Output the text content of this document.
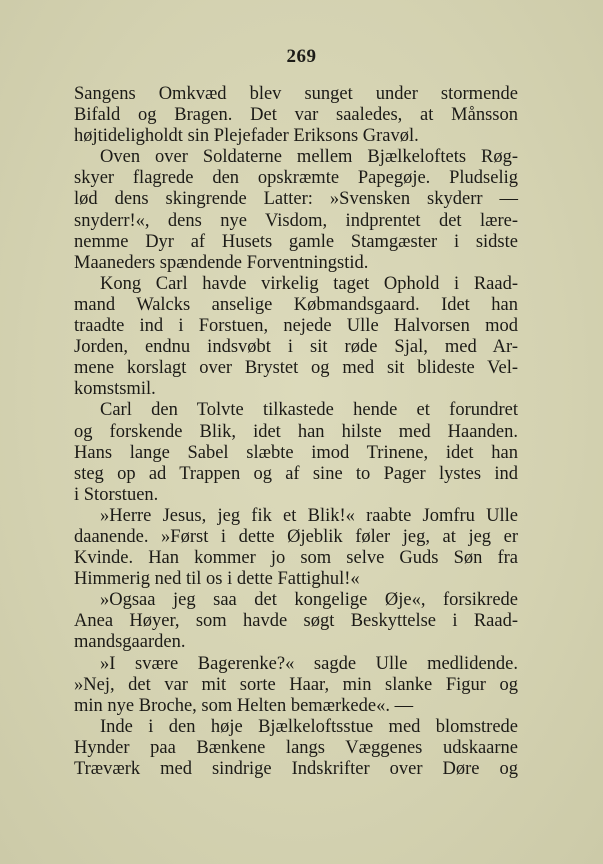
269
Sangens Omkvæd blev sunget under stormende
Bifald og Bragen. Det var saaledes, at Månsson
højtideligholdt sin Plejefader Eriksons Gravøl.
Oven over Soldaterne mellem Bjælkeloftets Røg-
skyer flagrede den opskræmte Papegøje. Pludselig
lød dens skingrende Latter: »Svensken skyderr —
snyderr!«, dens nye Visdom, indprentet det lære-
nemme Dyr af Husets gamle Stamgæster i sidste
Maaneders spændende Forventningstid.
Kong Carl havde virkelig taget Ophold i Raad-
mand Walcks anselige Købmandsgaard. Idet han
traadte ind i Forstuen, nejede Ulle Halvorsen mod
Jorden, endnu indsvøbt i sit røde Sjal, med Ar-
mene korslagt over Brystet og med sit blideste Vel-
komstsmil.
Carl den Tolvte tilkastede hende et forundret
og forskende Blik, idet han hilste med Haanden.
Hans lange Sabel slæbte imod Trinene, idet han
steg op ad Trappen og af sine to Pager lystes ind
i Storstuen.
»Herre Jesus, jeg fik et Blik!« raabte Jomfru Ulle
daanende. »Først i dette Øjeblik føler jeg, at jeg er
Kvinde. Han kommer jo som selve Guds Søn fra
Himmerig ned til os i dette Fattighul!«
»Ogsaa jeg saa det kongelige Øje«, forsikrede
Anea Høyer, som havde søgt Beskyttelse i Raad-
mandsgaarden.
»I svære Bagerenke?« sagde Ulle medlidende.
»Nej, det var mit sorte Haar, min slanke Figur og
min nye Broche, som Helten bemærkede«. —
Inde i den høje Bjælkeloftsstue med blomstrede
Hynder paa Bænkene langs Væggenes udskaarne
Træværk med sindrige Indskrifter over Døre og
